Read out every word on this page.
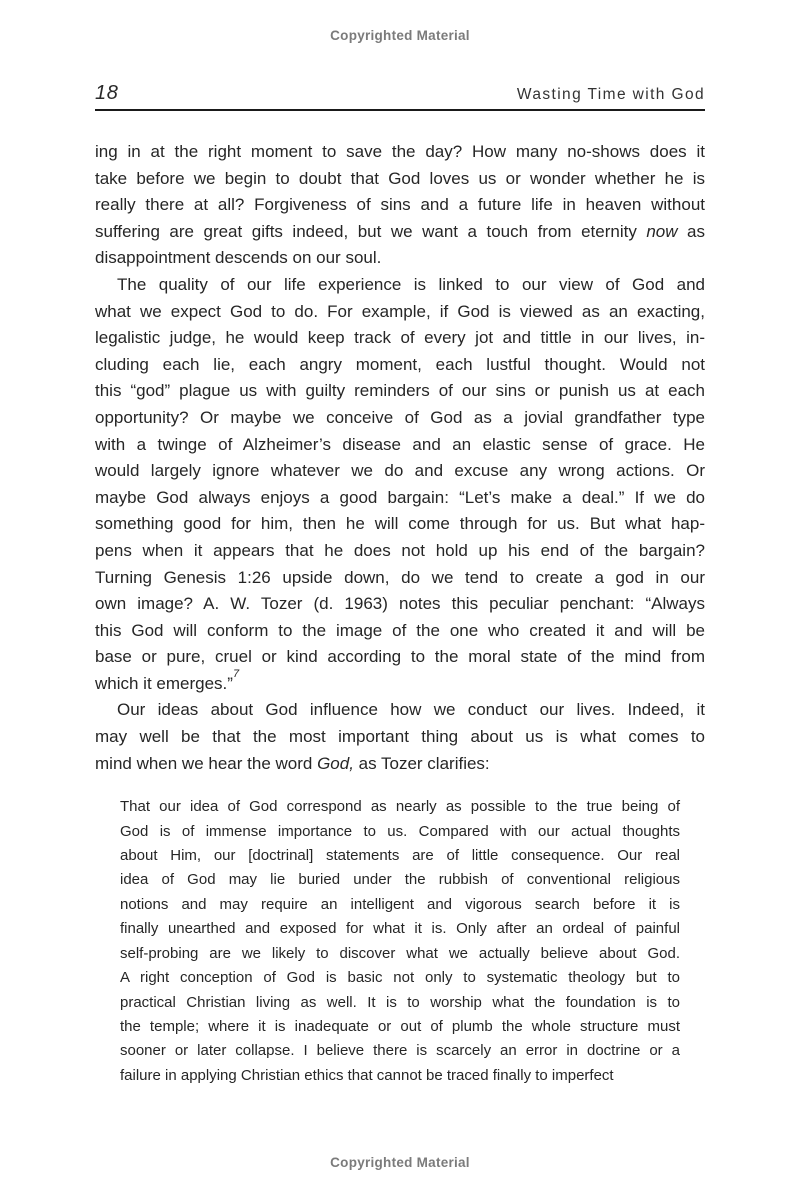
Copyrighted Material
18	Wasting Time with God
ing in at the right moment to save the day? How many no-shows does it
take before we begin to doubt that God loves us or wonder whether he is
really there at all? Forgiveness of sins and a future life in heaven without
suffering are great gifts indeed, but we want a touch from eternity now as
disappointment descends on our soul.
The quality of our life experience is linked to our view of God and
what we expect God to do. For example, if God is viewed as an exacting,
legalistic judge, he would keep track of every jot and tittle in our lives, in-
cluding each lie, each angry moment, each lustful thought. Would not
this “god” plague us with guilty reminders of our sins or punish us at each
opportunity? Or maybe we conceive of God as a jovial grandfather type
with a twinge of Alzheimer’s disease and an elastic sense of grace. He
would largely ignore whatever we do and excuse any wrong actions. Or
maybe God always enjoys a good bargain: “Let’s make a deal.” If we do
something good for him, then he will come through for us. But what hap-
pens when it appears that he does not hold up his end of the bargain?
Turning Genesis 1:26 upside down, do we tend to create a god in our
own image? A. W. Tozer (d. 1963) notes this peculiar penchant: “Always
this God will conform to the image of the one who created it and will be
base or pure, cruel or kind according to the moral state of the mind from
which it emerges.”$^7$
Our ideas about God influence how we conduct our lives. Indeed, it
may well be that the most important thing about us is what comes to
mind when we hear the word God, as Tozer clarifies:
That our idea of God correspond as nearly as possible to the true being of
God is of immense importance to us. Compared with our actual thoughts
about Him, our [doctrinal] statements are of little consequence. Our real
idea of God may lie buried under the rubbish of conventional religious
notions and may require an intelligent and vigorous search before it is
finally unearthed and exposed for what it is. Only after an ordeal of painful
self-probing are we likely to discover what we actually believe about God.
A right conception of God is basic not only to systematic theology but to
practical Christian living as well. It is to worship what the foundation is to
the temple; where it is inadequate or out of plumb the whole structure must
sooner or later collapse. I believe there is scarcely an error in doctrine or a
failure in applying Christian ethics that cannot be traced finally to imperfect
Copyrighted Material
